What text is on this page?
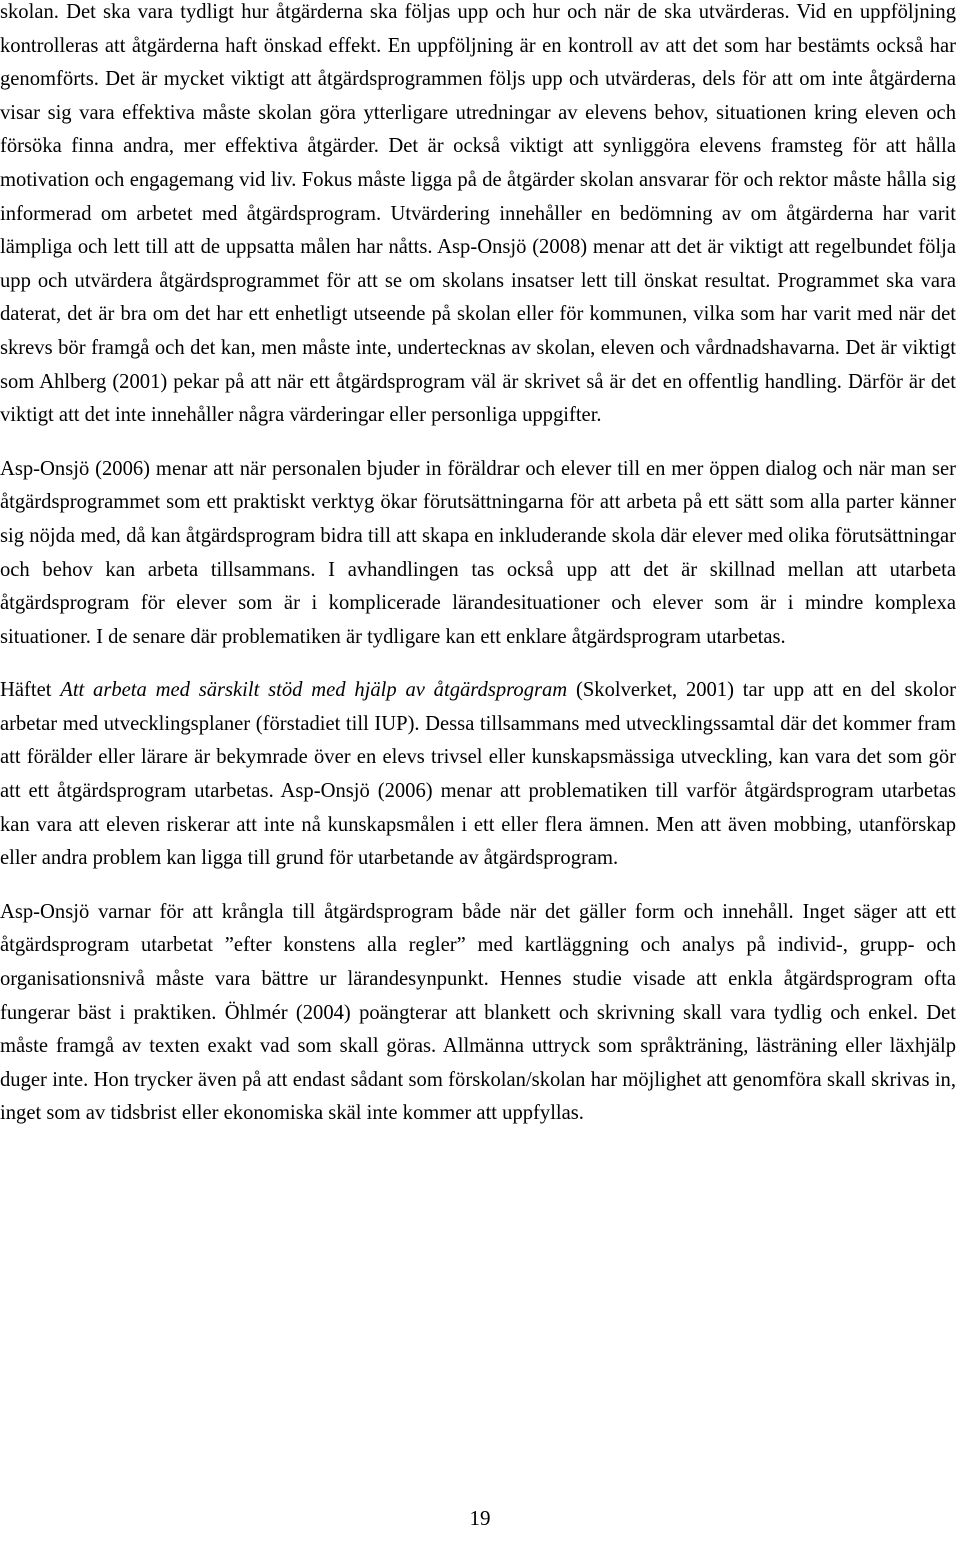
skolan. Det ska vara tydligt hur åtgärderna ska följas upp och hur och när de ska utvärderas. Vid en uppföljning kontrolleras att åtgärderna haft önskad effekt. En uppföljning är en kontroll av att det som har bestämts också har genomförts. Det är mycket viktigt att åtgärdsprogrammen följs upp och utvärderas, dels för att om inte åtgärderna visar sig vara effektiva måste skolan göra ytterligare utredningar av elevens behov, situationen kring eleven och försöka finna andra, mer effektiva åtgärder. Det är också viktigt att synliggöra elevens framsteg för att hålla motivation och engagemang vid liv. Fokus måste ligga på de åtgärder skolan ansvarar för och rektor måste hålla sig informerad om arbetet med åtgärdsprogram. Utvärdering innehåller en bedömning av om åtgärderna har varit lämpliga och lett till att de uppsatta målen har nåtts. Asp-Onsjö (2008) menar att det är viktigt att regelbundet följa upp och utvärdera åtgärdsprogrammet för att se om skolans insatser lett till önskat resultat. Programmet ska vara daterat, det är bra om det har ett enhetligt utseende på skolan eller för kommunen, vilka som har varit med när det skrevs bör framgå och det kan, men måste inte, undertecknas av skolan, eleven och vårdnadshavarna. Det är viktigt som Ahlberg (2001) pekar på att när ett åtgärdsprogram väl är skrivet så är det en offentlig handling. Därför är det viktigt att det inte innehåller några värderingar eller personliga uppgifter.

Asp-Onsjö (2006) menar att när personalen bjuder in föräldrar och elever till en mer öppen dialog och när man ser åtgärdsprogrammet som ett praktiskt verktyg ökar förutsättningarna för att arbeta på ett sätt som alla parter känner sig nöjda med, då kan åtgärdsprogram bidra till att skapa en inkluderande skola där elever med olika förutsättningar och behov kan arbeta tillsammans. I avhandlingen tas också upp att det är skillnad mellan att utarbeta åtgärdsprogram för elever som är i komplicerade lärandesituationer och elever som är i mindre komplexa situationer. I de senare där problematiken är tydligare kan ett enklare åtgärdsprogram utarbetas.

Häftet Att arbeta med särskilt stöd med hjälp av åtgärdsprogram (Skolverket, 2001) tar upp att en del skolor arbetar med utvecklingsplaner (förstadiet till IUP). Dessa tillsammans med utvecklingssamtal där det kommer fram att förälder eller lärare är bekymrade över en elevs trivsel eller kunskapsmässiga utveckling, kan vara det som gör att ett åtgärdsprogram utarbetas. Asp-Onsjö (2006) menar att problematiken till varför åtgärdsprogram utarbetas kan vara att eleven riskerar att inte nå kunskapsmålen i ett eller flera ämnen. Men att även mobbing, utanförskap eller andra problem kan ligga till grund för utarbetande av åtgärdsprogram.

Asp-Onsjö varnar för att krångla till åtgärdsprogram både när det gäller form och innehåll. Inget säger att ett åtgärdsprogram utarbetat ”efter konstens alla regler” med kartläggning och analys på individ-, grupp- och organisationsnivå måste vara bättre ur lärandesynpunkt. Hennes studie visade att enkla åtgärdsprogram ofta fungerar bäst i praktiken. Öhlmér (2004) poängterar att blankett och skrivning skall vara tydlig och enkel. Det måste framgå av texten exakt vad som skall göras. Allmänna uttryck som språkträning, lästräning eller läxhjälp duger inte. Hon trycker även på att endast sådant som förskolan/skolan har möjlighet att genomföra skall skrivas in, inget som av tidsbrist eller ekonomiska skäl inte kommer att uppfyllas.

19
